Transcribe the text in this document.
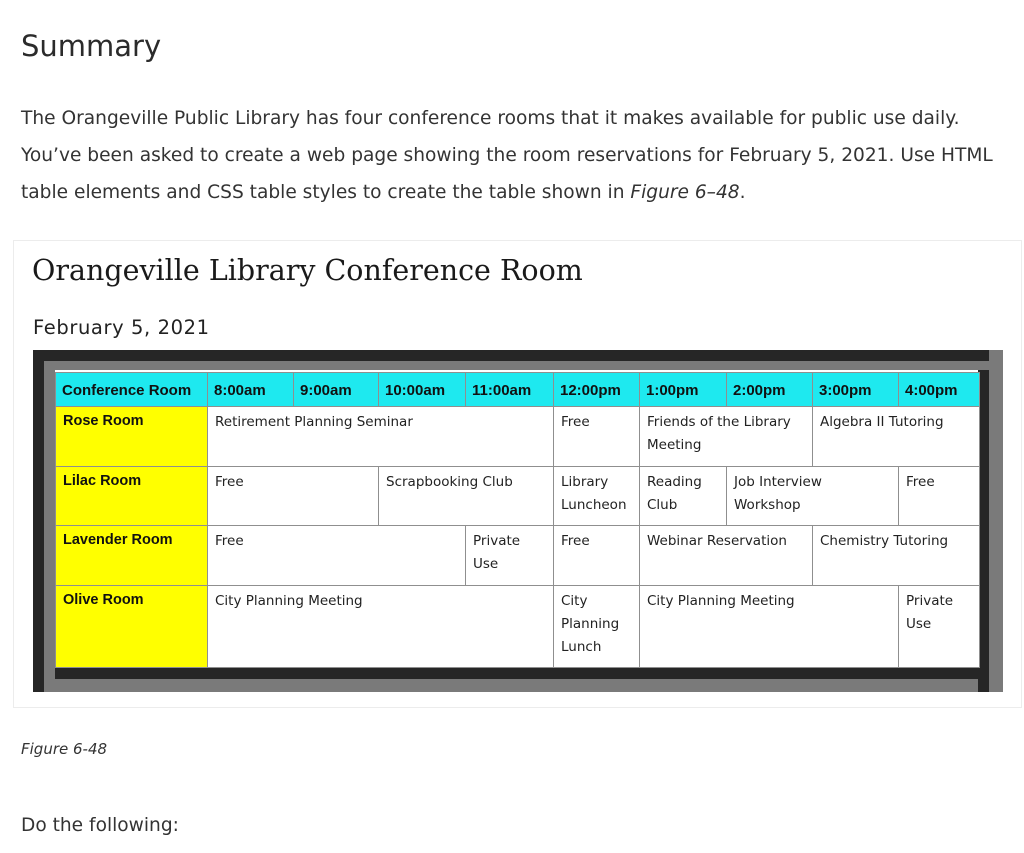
Summary

The Orangeville Public Library has four conference rooms that it makes available for public use daily. You’ve been asked to create a web page showing the room reservations for February 5, 2021. Use HTML table elements and CSS table styles to create the table shown in Figure 6–48.

Orangeville Library Conference Room
February 5, 2021
Conference Room	8:00am	9:00am	10:00am	11:00am	12:00pm	1:00pm	2:00pm	3:00pm	4:00pm
Rose Room	Retirement Planning Seminar				Free	Friends of the Library Meeting		Algebra II Tutoring	
Lilac Room	Free		Scrapbooking Club		Library Luncheon	Reading Club	Job Interview Workshop		Free
Lavender Room	Free			Private Use	Free	Webinar Reservation		Chemistry Tutoring	
Olive Room	City Planning Meeting				City Planning Lunch	City Planning Meeting			Private Use

Figure 6-48

Do the following:
